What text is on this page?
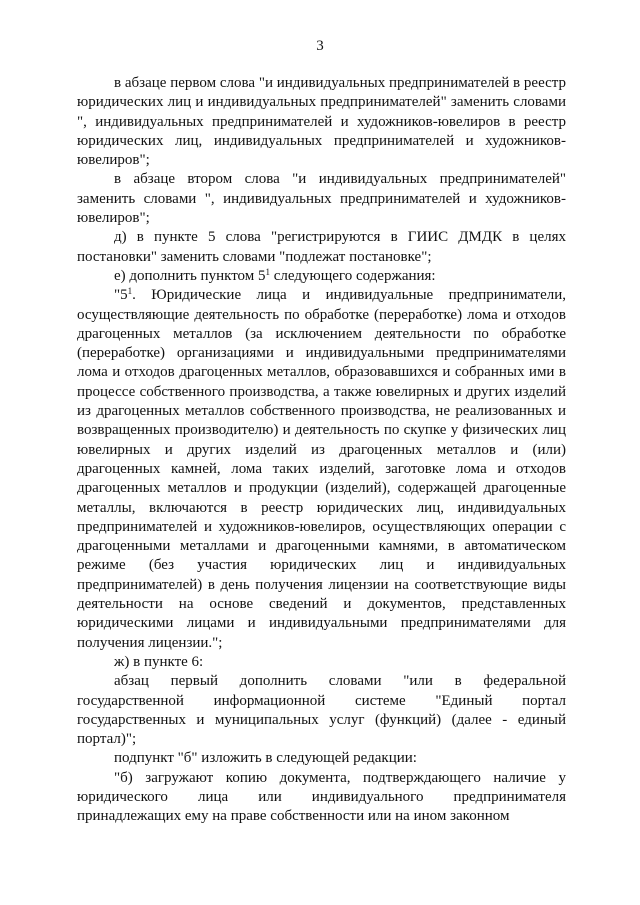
3

в абзаце первом слова "и индивидуальных предпринимателей в реестр юридических лиц и индивидуальных предпринимателей" заменить словами ", индивидуальных предпринимателей и художников-ювелиров в реестр юридических лиц, индивидуальных предпринимателей и художников-ювелиров";

в абзаце втором слова "и индивидуальных предпринимателей" заменить словами ", индивидуальных предпринимателей и художников-ювелиров";

д) в пункте 5 слова "регистрируются в ГИИС ДМДК в целях постановки" заменить словами "подлежат постановке";

е) дополнить пунктом $5^1$ следующего содержания:

"$5^1$. Юридические лица и индивидуальные предприниматели, осуществляющие деятельность по обработке (переработке) лома и отходов драгоценных металлов (за исключением деятельности по обработке (переработке) организациями и индивидуальными предпринимателями лома и отходов драгоценных металлов, образовавшихся и собранных ими в процессе собственного производства, а также ювелирных и других изделий из драгоценных металлов собственного производства, не реализованных и возвращенных производителю) и деятельность по скупке у физических лиц ювелирных и других изделий из драгоценных металлов и (или) драгоценных камней, лома таких изделий, заготовке лома и отходов драгоценных металлов и продукции (изделий), содержащей драгоценные металлы, включаются в реестр юридических лиц, индивидуальных предпринимателей и художников-ювелиров, осуществляющих операции с драгоценными металлами и драгоценными камнями, в автоматическом режиме (без участия юридических лиц и индивидуальных предпринимателей) в день получения лицензии на соответствующие виды деятельности на основе сведений и документов, представленных юридическими лицами и индивидуальными предпринимателями для получения лицензии.";

ж) в пункте 6:

абзац первый дополнить словами "или в федеральной государственной информационной системе "Единый портал государственных и муниципальных услуг (функций) (далее - единый портал)";

подпункт "б" изложить в следующей редакции:

"б) загружают копию документа, подтверждающего наличие у юридического лица или индивидуального предпринимателя принадлежащих ему на праве собственности или на ином законном
